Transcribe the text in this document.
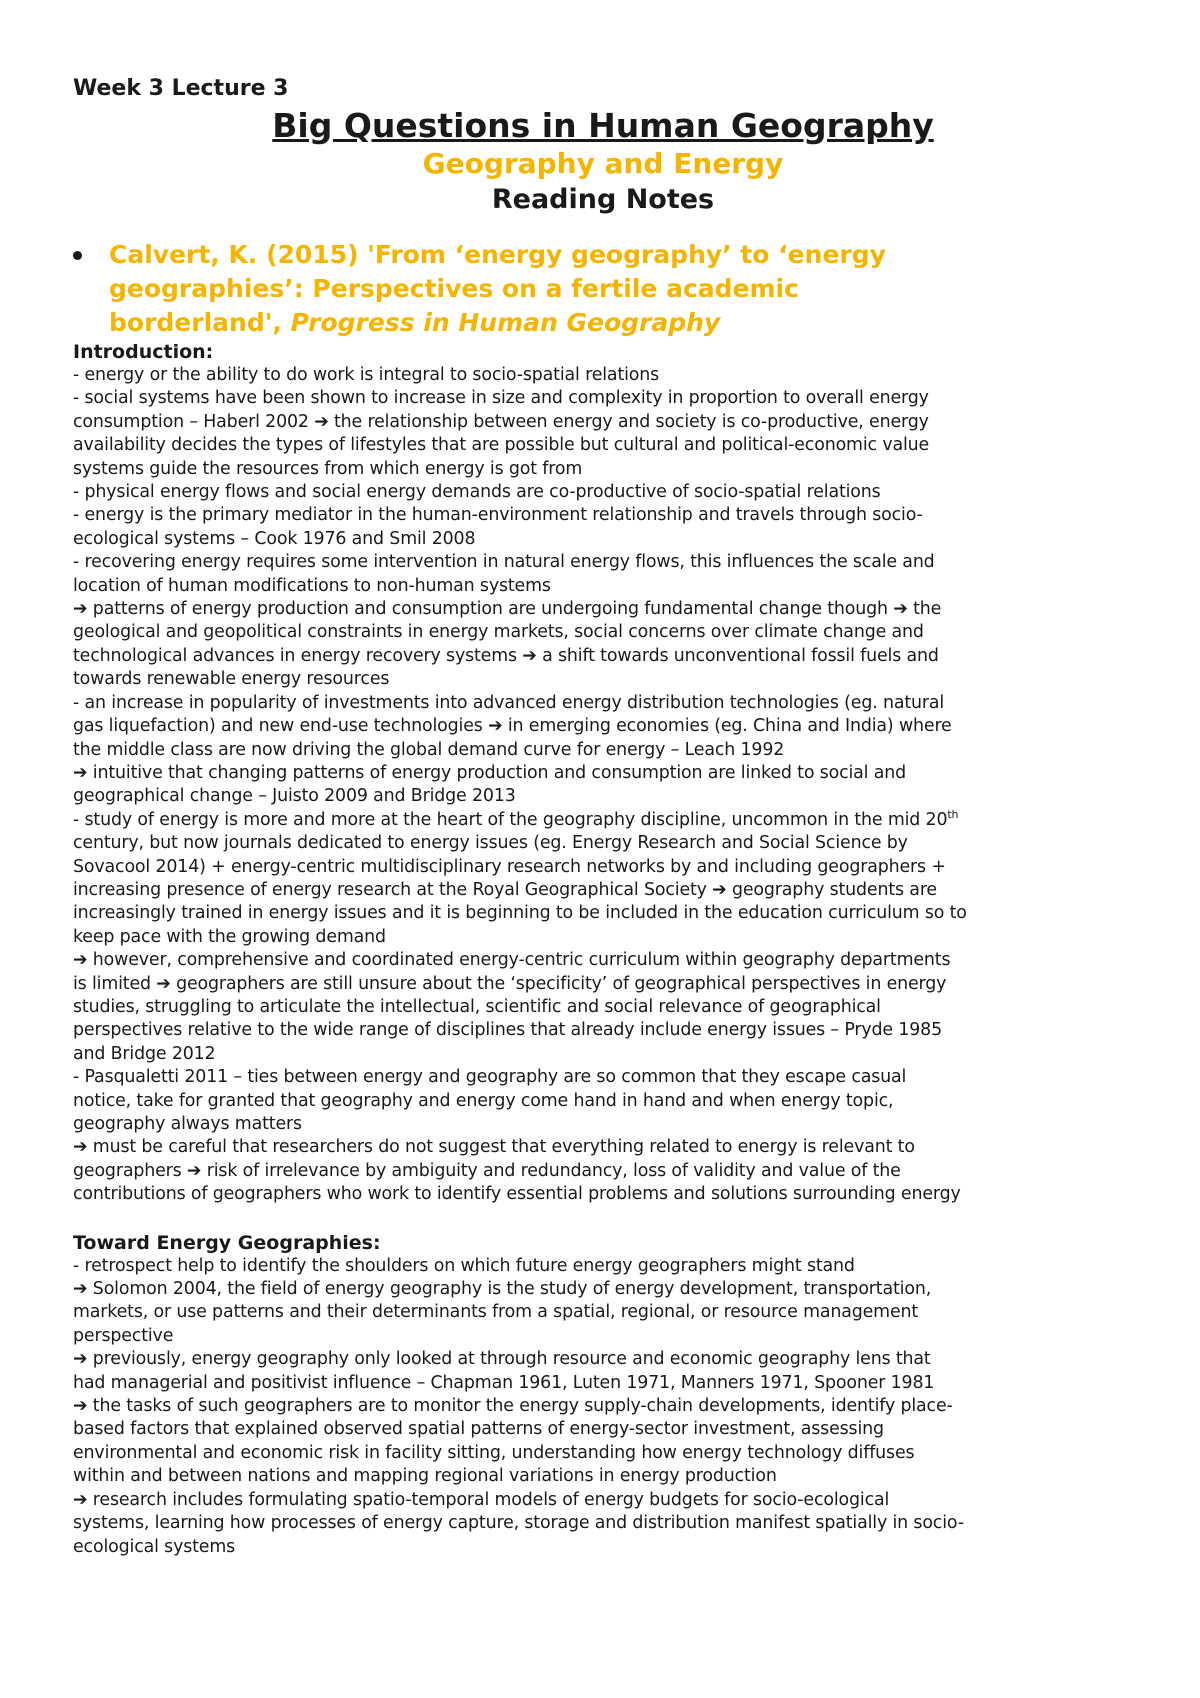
Week 3 Lecture 3

Big Questions in Human Geography
Geography and Energy
Reading Notes
Calvert, K. (2015) 'From ‘energy geography’ to ‘energy
geographies’: Perspectives on a fertile academic
borderland', Progress in Human Geography

Introduction:

- energy or the ability to do work is integral to socio-spatial relations

- social systems have been shown to increase in size and complexity in proportion to overall energy

consumption – Haberl 2002 ➔ the relationship between energy and society is co-productive, energy

availability decides the types of lifestyles that are possible but cultural and political-economic value

systems guide the resources from which energy is got from

- physical energy flows and social energy demands are co-productive of socio-spatial relations

- energy is the primary mediator in the human-environment relationship and travels through socio-

ecological systems – Cook 1976 and Smil 2008

- recovering energy requires some intervention in natural energy flows, this influences the scale and

location of human modifications to non-human systems

➔ patterns of energy production and consumption are undergoing fundamental change though ➔ the

geological and geopolitical constraints in energy markets, social concerns over climate change and

technological advances in energy recovery systems ➔ a shift towards unconventional fossil fuels and

towards renewable energy resources

- an increase in popularity of investments into advanced energy distribution technologies (eg. natural

gas liquefaction) and new end-use technologies ➔ in emerging economies (eg. China and India) where

the middle class are now driving the global demand curve for energy – Leach 1992

➔ intuitive that changing patterns of energy production and consumption are linked to social and

geographical change – Juisto 2009 and Bridge 2013

- study of energy is more and more at the heart of the geography discipline, uncommon in the mid 20th

century, but now journals dedicated to energy issues (eg. Energy Research and Social Science by

Sovacool 2014) + energy-centric multidisciplinary research networks by and including geographers +

increasing presence of energy research at the Royal Geographical Society ➔ geography students are

increasingly trained in energy issues and it is beginning to be included in the education curriculum so to

keep pace with the growing demand

➔ however, comprehensive and coordinated energy-centric curriculum within geography departments

is limited ➔ geographers are still unsure about the ‘specificity’ of geographical perspectives in energy

studies, struggling to articulate the intellectual, scientific and social relevance of geographical

perspectives relative to the wide range of disciplines that already include energy issues – Pryde 1985

and Bridge 2012

- Pasqualetti 2011 – ties between energy and geography are so common that they escape casual

notice, take for granted that geography and energy come hand in hand and when energy topic,

geography always matters

➔ must be careful that researchers do not suggest that everything related to energy is relevant to

geographers ➔ risk of irrelevance by ambiguity and redundancy, loss of validity and value of the

contributions of geographers who work to identify essential problems and solutions surrounding energy

Toward Energy Geographies:

- retrospect help to identify the shoulders on which future energy geographers might stand

➔ Solomon 2004, the field of energy geography is the study of energy development, transportation,

markets, or use patterns and their determinants from a spatial, regional, or resource management

perspective

➔ previously, energy geography only looked at through resource and economic geography lens that

had managerial and positivist influence – Chapman 1961, Luten 1971, Manners 1971, Spooner 1981

➔ the tasks of such geographers are to monitor the energy supply-chain developments, identify place-

based factors that explained observed spatial patterns of energy-sector investment, assessing

environmental and economic risk in facility sitting, understanding how energy technology diffuses

within and between nations and mapping regional variations in energy production

➔ research includes formulating spatio-temporal models of energy budgets for socio-ecological

systems, learning how processes of energy capture, storage and distribution manifest spatially in socio-

ecological systems
